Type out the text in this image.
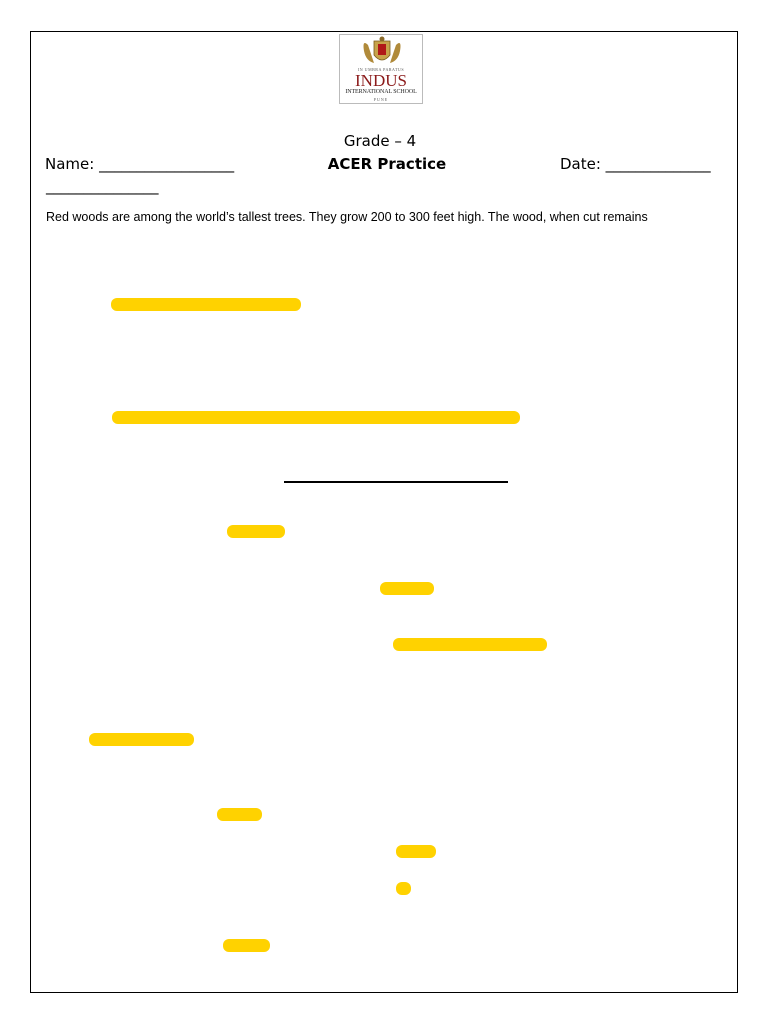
IN UMBRA PARATUS
INDUS
INTERNATIONAL SCHOOL
PUNE
Grade – 4
Name: __________________	ACER Practice	Date: ______________
_______________
Red woods are among the world’s tallest trees. They grow 200 to 300 feet high. The wood, when cut remains
